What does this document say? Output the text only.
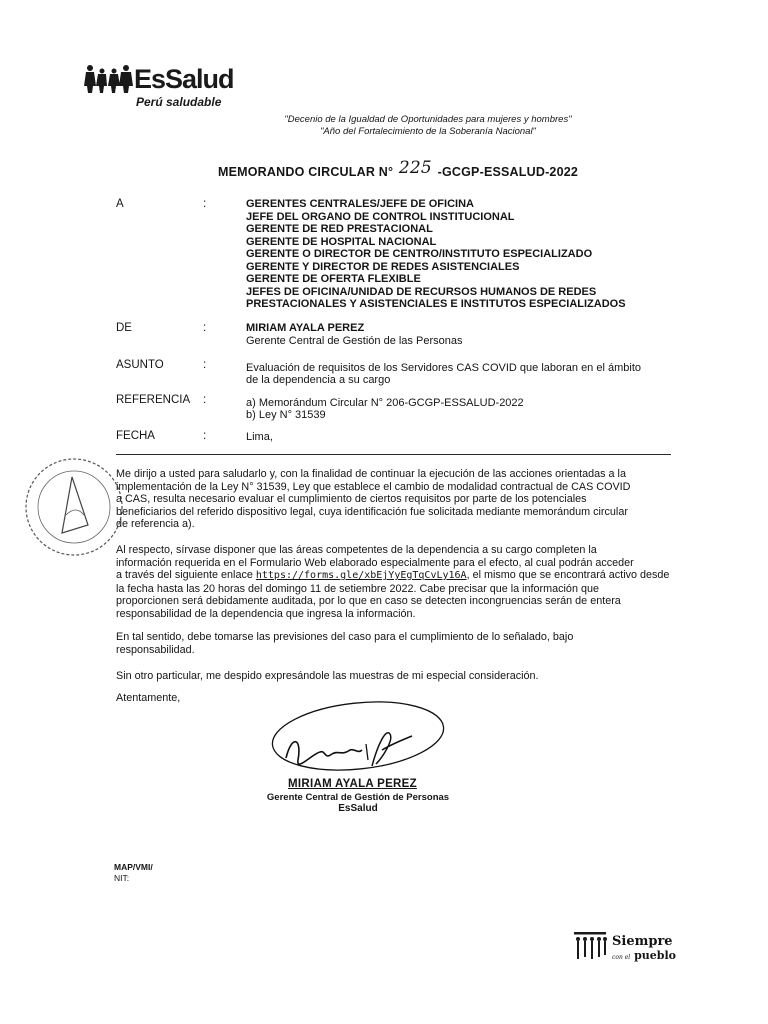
EsSalud
Perú saludable
"Decenio de la Igualdad de Oportunidades para mujeres y hombres"
"Año del Fortalecimiento de la Soberanía Nacional"
MEMORANDO CIRCULAR N° 225 -GCGP-ESSALUD-2022
A	:	GERENTES CENTRALES/JEFE DE OFICINA
JEFE DEL ORGANO DE CONTROL INSTITUCIONAL
GERENTE DE RED PRESTACIONAL
GERENTE DE HOSPITAL NACIONAL
GERENTE O DIRECTOR DE CENTRO/INSTITUTO ESPECIALIZADO
GERENTE Y DIRECTOR DE REDES ASISTENCIALES
GERENTE DE OFERTA FLEXIBLE
JEFES DE OFICINA/UNIDAD DE RECURSOS HUMANOS DE REDES
PRESTACIONALES Y ASISTENCIALES E INSTITUTOS ESPECIALIZADOS
DE	:	MIRIAM AYALA PEREZ
Gerente Central de Gestión de las Personas
ASUNTO	:	Evaluación de requisitos de los Servidores CAS COVID que laboran en el ámbito
de la dependencia a su cargo
REFERENCIA :	a) Memorándum Circular N° 206-GCGP-ESSALUD-2022
b) Ley N° 31539
FECHA	:	Lima,
Me dirijo a usted para saludarlo y, con la finalidad de continuar la ejecución de las acciones orientadas a la
implementación de la Ley N° 31539, Ley que establece el cambio de modalidad contractual de CAS COVID
a CAS, resulta necesario evaluar el cumplimiento de ciertos requisitos por parte de los potenciales
beneficiarios del referido dispositivo legal, cuya identificación fue solicitada mediante memorándum circular
de referencia a).
Al respecto, sírvase disponer que las áreas competentes de la dependencia a su cargo completen la
información requerida en el Formulario Web elaborado especialmente para el efecto, al cual podrán acceder
a través del siguiente enlace https://forms.gle/xbEjYyEgTqCvLy16A, el mismo que se encontrará activo desde
la fecha hasta las 20 horas del domingo 11 de setiembre 2022. Cabe precisar que la información que
proporcionen será debidamente auditada, por lo que en caso se detecten incongruencias serán de entera
responsabilidad de la dependencia que ingresa la información.
En tal sentido, debe tomarse las previsiones del caso para el cumplimiento de lo señalado, bajo
responsabilidad.
Sin otro particular, me despido expresándole las muestras de mi especial consideración.
Atentamente,
MIRIAM AYALA PEREZ
Gerente Central de Gestión de Personas
EsSalud
MAP/VMI/
NIT:
Siempre
con el pueblo
